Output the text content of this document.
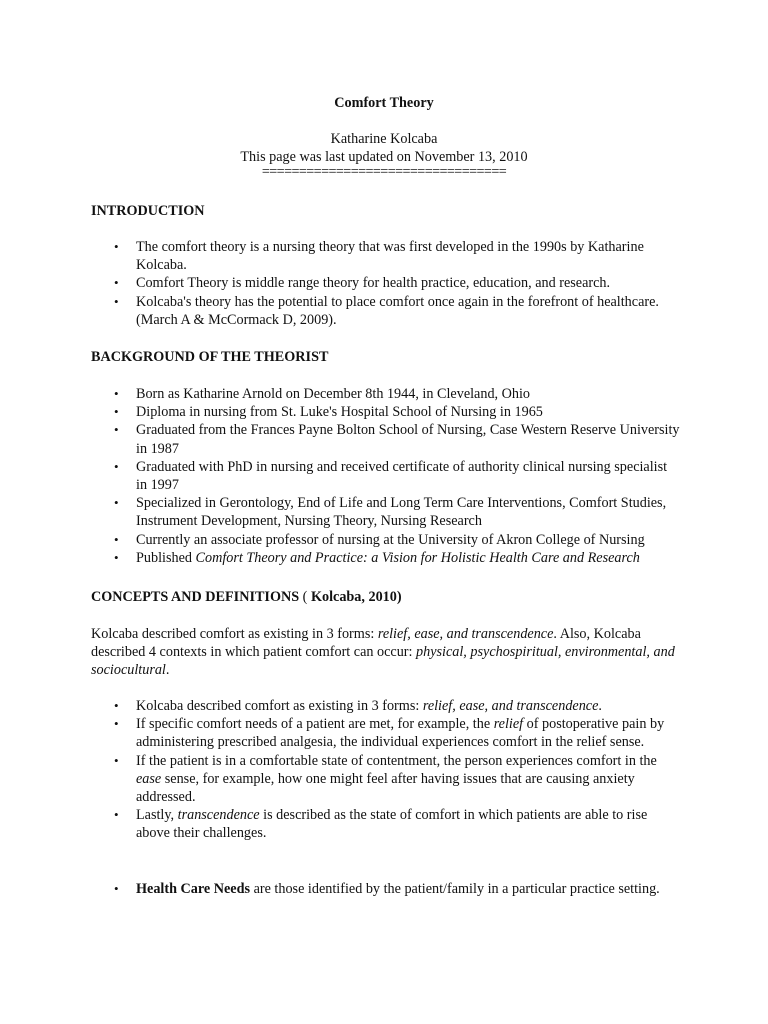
Comfort Theory
Katharine Kolcaba
This page was last updated on November 13, 2010
=================================
INTRODUCTION
• The comfort theory is a nursing theory that was first developed in the 1990s by Katharine Kolcaba.
• Comfort Theory is middle range theory for health practice, education, and research.
• Kolcaba's theory has the potential to place comfort once again in the forefront of healthcare.(March A & McCormack D, 2009).
BACKGROUND OF THE THEORIST
• Born as Katharine Arnold on December 8th 1944, in Cleveland, Ohio
• Diploma in nursing from St. Luke's Hospital School of Nursing in 1965
• Graduated from the Frances Payne Bolton School of Nursing, Case Western Reserve University in 1987
• Graduated with PhD in nursing and received certificate of authority clinical nursing specialist in 1997
• Specialized in Gerontology, End of Life and Long Term Care Interventions, Comfort Studies, Instrument Development, Nursing Theory, Nursing Research
• Currently an associate professor of nursing at the University of Akron College of Nursing
• Published Comfort Theory and Practice: a Vision for Holistic Health Care and Research
CONCEPTS AND DEFINITIONS ( Kolcaba, 2010)
Kolcaba described comfort as existing in 3 forms: relief, ease, and transcendence. Also, Kolcaba described 4 contexts in which patient comfort can occur: physical, psychospiritual, environmental, and sociocultural.
• Kolcaba described comfort as existing in 3 forms: relief, ease, and transcendence.
• If specific comfort needs of a patient are met, for example, the relief of postoperative pain by administering prescribed analgesia, the individual experiences comfort in the relief sense.
• If the patient is in a comfortable state of contentment, the person experiences comfort in the ease sense, for example, how one might feel after having issues that are causing anxiety addressed.
• Lastly, transcendence is described as the state of comfort in which patients are able to rise above their challenges.
• Health Care Needs are those identified by the patient/family in a particular practice setting.
